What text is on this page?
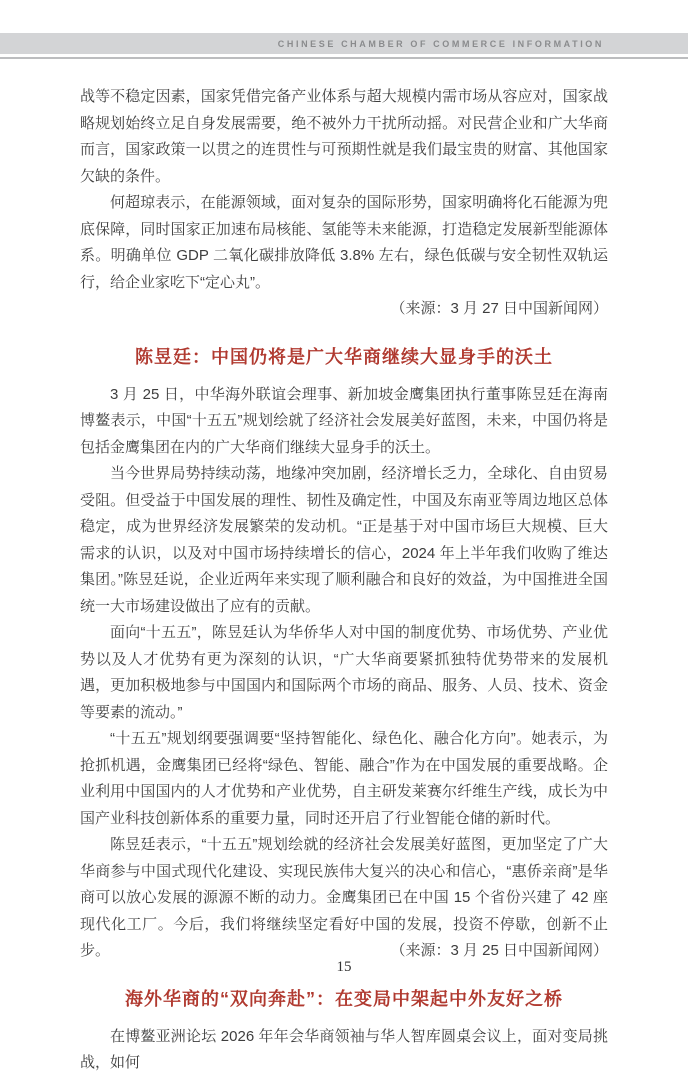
CHINESE CHAMBER OF COMMERCE INFORMATION

战等不稳定因素，国家凭借完备产业体系与超大规模内需市场从容应对，国家战略规划始终立足自身发展需要，绝不被外力干扰所动摇。对民营企业和广大华商而言，国家政策一以贯之的连贯性与可预期性就是我们最宝贵的财富、其他国家欠缺的条件。

何超琼表示，在能源领域，面对复杂的国际形势，国家明确将化石能源为兜底保障，同时国家正加速布局核能、氢能等未来能源，打造稳定发展新型能源体系。明确单位 GDP 二氧化碳排放降低 3.8% 左右，绿色低碳与安全韧性双轨运行，给企业家吃下“定心丸”。

（来源：3 月 27 日中国新闻网）

陈昱廷：中国仍将是广大华商继续大显身手的沃土

3 月 25 日，中华海外联谊会理事、新加坡金鹰集团执行董事陈昱廷在海南博鳌表示，中国“十五五”规划绘就了经济社会发展美好蓝图，未来，中国仍将是包括金鹰集团在内的广大华商们继续大显身手的沃土。

当今世界局势持续动荡，地缘冲突加剧，经济增长乏力，全球化、自由贸易受阻。但受益于中国发展的理性、韧性及确定性，中国及东南亚等周边地区总体稳定，成为世界经济发展繁荣的发动机。“正是基于对中国市场巨大规模、巨大需求的认识，以及对中国市场持续增长的信心，2024 年上半年我们收购了维达集团。”陈昱廷说，企业近两年来实现了顺利融合和良好的效益，为中国推进全国统一大市场建设做出了应有的贡献。

面向“十五五”，陈昱廷认为华侨华人对中国的制度优势、市场优势、产业优势以及人才优势有更为深刻的认识，“广大华商要紧抓独特优势带来的发展机遇，更加积极地参与中国国内和国际两个市场的商品、服务、人员、技术、资金等要素的流动。”

“十五五”规划纲要强调要“坚持智能化、绿色化、融合化方向”。她表示，为抢抓机遇，金鹰集团已经将“绿色、智能、融合”作为在中国发展的重要战略。企业利用中国国内的人才优势和产业优势，自主研发莱赛尔纤维生产线，成长为中国产业科技创新体系的重要力量，同时还开启了行业智能仓储的新时代。

陈昱廷表示，“十五五”规划绘就的经济社会发展美好蓝图，更加坚定了广大华商参与中国式现代化建设、实现民族伟大复兴的决心和信心，“惠侨亲商”是华商可以放心发展的源源不断的动力。金鹰集团已在中国 15 个省份兴建了 42 座现代化工厂。今后，我们将继续坚定看好中国的发展，投资不停歇，创新不止步。	（来源：3 月 25 日中国新闻网）

海外华商的“双向奔赴”：在变局中架起中外友好之桥

在博鳌亚洲论坛 2026 年年会华商领袖与华人智库圆桌会议上，面对变局挑战，如何

15
